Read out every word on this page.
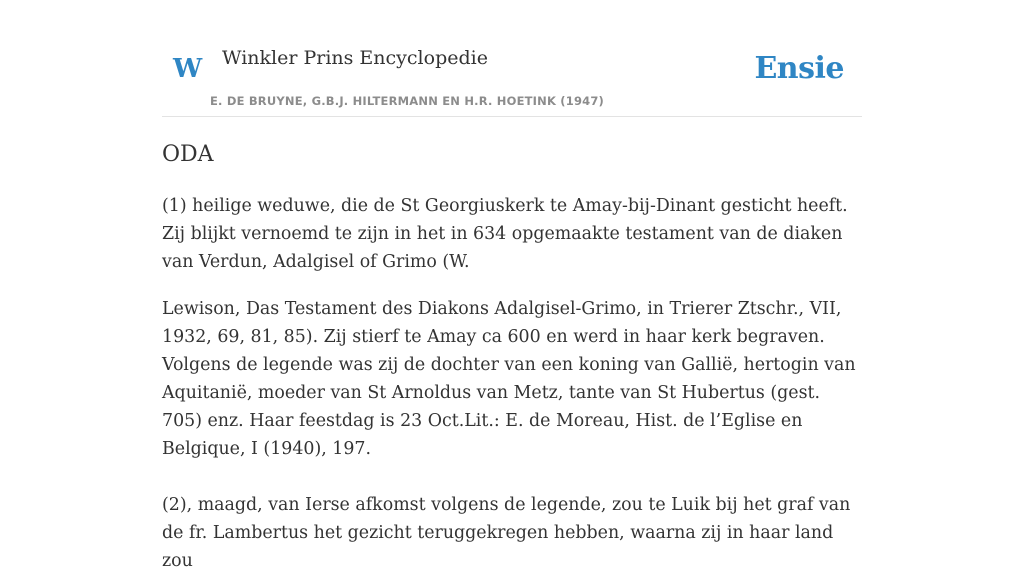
W Winkler Prins Encyclopedie
E. DE BRUYNE, G.B.J. HILTERMANN EN H.R. HOETINK (1947)
Ensie
ODA

(1) heilige weduwe, die de St Georgiuskerk te Amay-bij-Dinant gesticht heeft. Zij blijkt vernoemd te zijn in het in 634 opgemaakte testament van de diaken van Verdun, Adalgisel of Grimo (W.

Lewison, Das Testament des Diakons Adalgisel-Grimo, in Trierer Ztschr., VII, 1932, 69, 81, 85). Zij stierf te Amay ca 600 en werd in haar kerk begraven. Volgens de legende was zij de dochter van een koning van Gallië, hertogin van Aquitanië, moeder van St Arnoldus van Metz, tante van St Hubertus (gest. 705) enz. Haar feestdag is 23 Oct.Lit.: E. de Moreau, Hist. de l’Eglise en Belgique, I (1940), 197.

(2), maagd, van Ierse afkomst volgens de legende, zou te Luik bij het graf van de fr. Lambertus het gezicht teruggekregen hebben, waarna zij in haar land zou
